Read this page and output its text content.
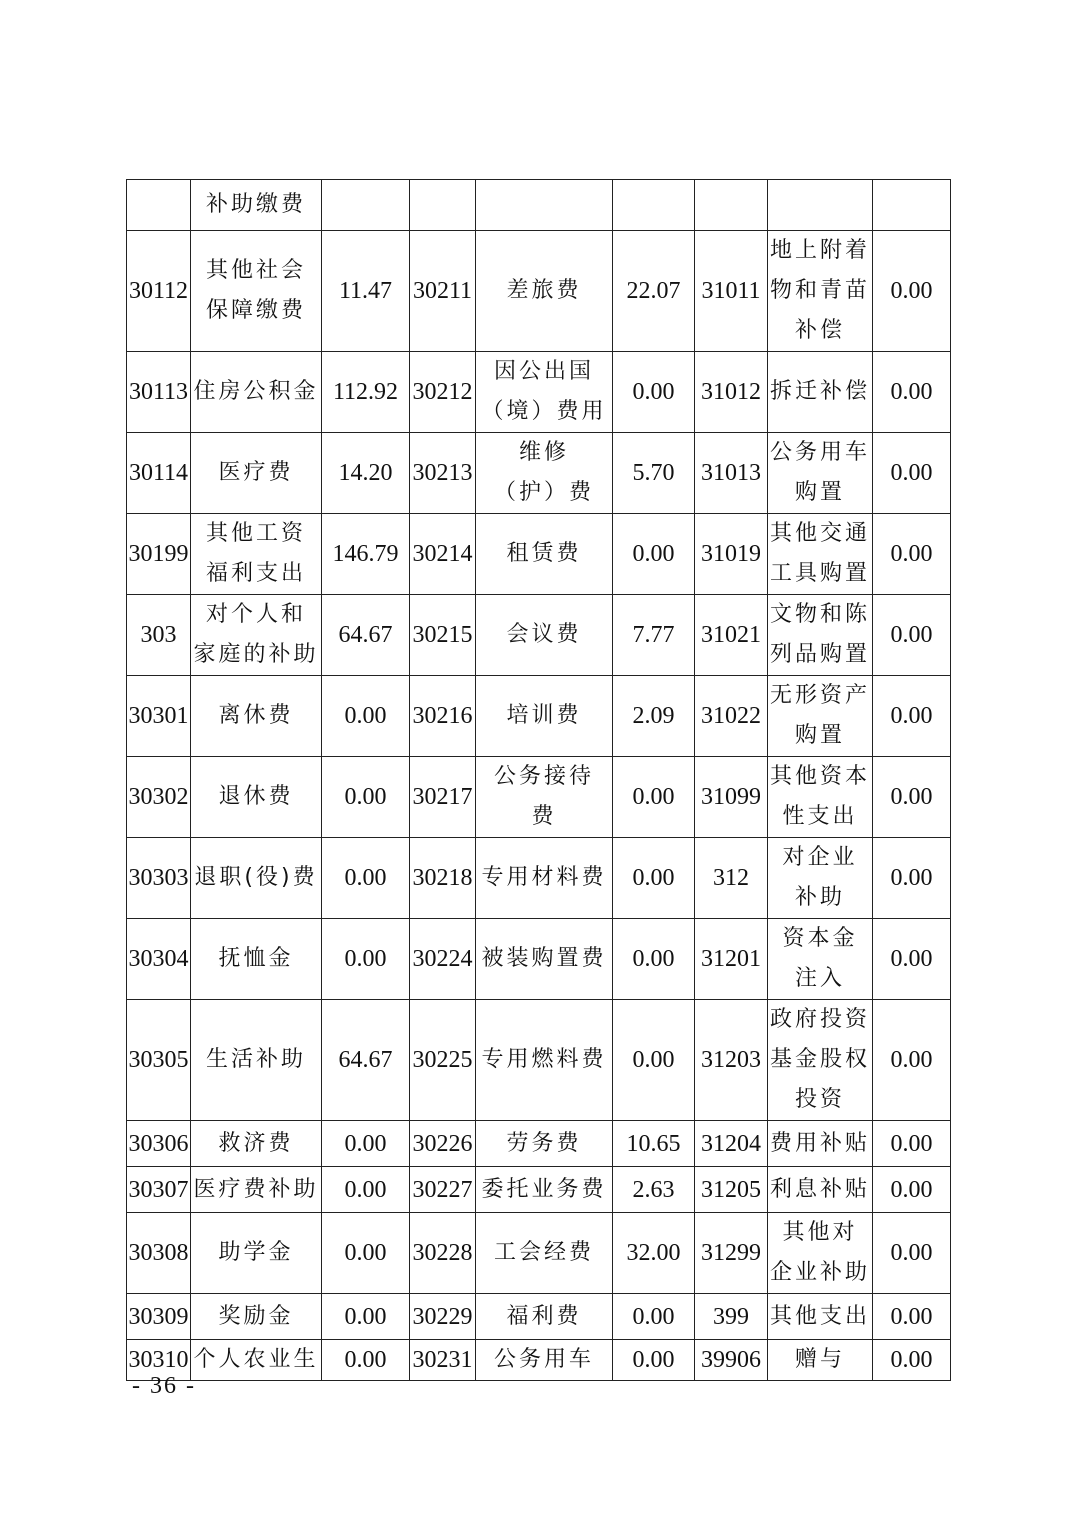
	补助缴费							
30112	其他社会
保障缴费	11.47	30211	差旅费	22.07	31011	地上附着
物和青苗
补偿	0.00
30113	住房公积金	112.92	30212	因公出国
（境）费用	0.00	31012	拆迁补偿	0.00
30114	医疗费	14.20	30213	维修
（护）费	5.70	31013	公务用车
购置	0.00
30199	其他工资
福利支出	146.79	30214	租赁费	0.00	31019	其他交通
工具购置	0.00
303	对个人和
家庭的补助	64.67	30215	会议费	7.77	31021	文物和陈
列品购置	0.00
30301	离休费	0.00	30216	培训费	2.09	31022	无形资产
购置	0.00
30302	退休费	0.00	30217	公务接待
费	0.00	31099	其他资本
性支出	0.00
30303	退职(役)费	0.00	30218	专用材料费	0.00	312	对企业
补助	0.00
30304	抚恤金	0.00	30224	被装购置费	0.00	31201	资本金
注入	0.00
30305	生活补助	64.67	30225	专用燃料费	0.00	31203	政府投资
基金股权
投资	0.00
30306	救济费	0.00	30226	劳务费	10.65	31204	费用补贴	0.00
30307	医疗费补助	0.00	30227	委托业务费	2.63	31205	利息补贴	0.00
30308	助学金	0.00	30228	工会经费	32.00	31299	其他对
企业补助	0.00
30309	奖励金	0.00	30229	福利费	0.00	399	其他支出	0.00
30310	个人农业生	0.00	30231	公务用车	0.00	39906	赠与	0.00
- 36 -
